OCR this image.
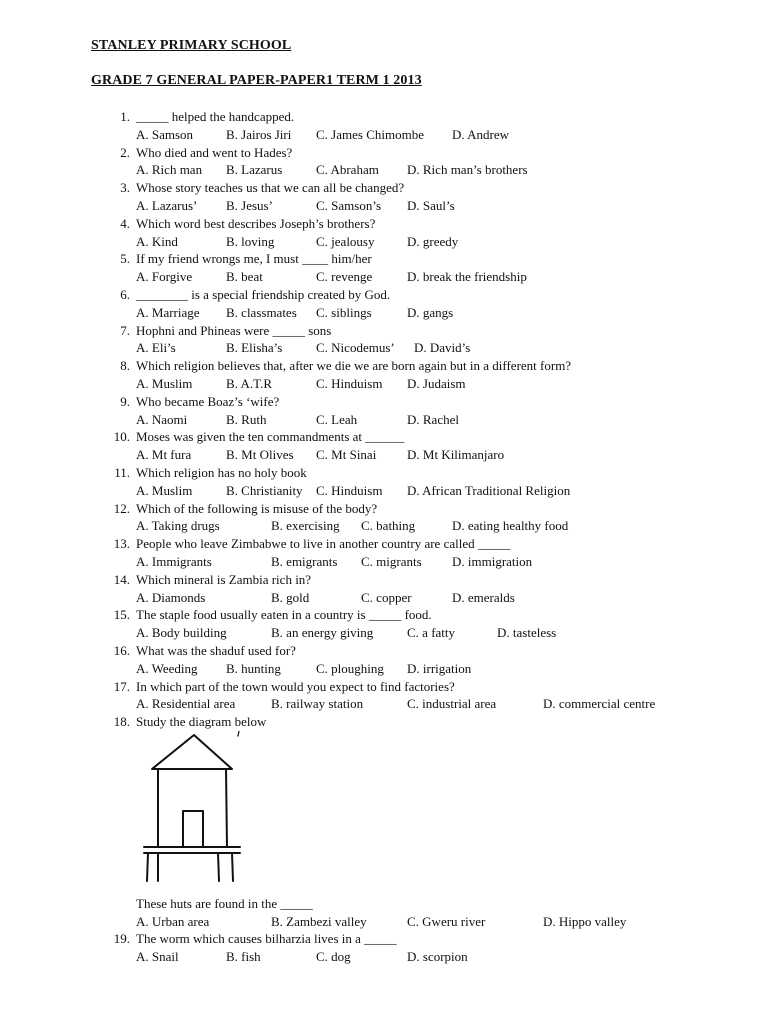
STANLEY PRIMARY SCHOOL
GRADE 7 GENERAL PAPER-PAPER1 TERM 1 2013
1. _____ helped the handcapped.
A. Samson	B. Jairos Jiri C. James Chimombe D. Andrew
2. Who died and went to Hades?
A. Rich man B. Lazarus	C. Abraham D. Rich man’s brothers
3. Whose story teaches us that we can all be changed?
A. Lazarus’ B. Jesus’	C. Samson’s D. Saul’s
4. Which word best describes Joseph’s brothers?
A. Kind	B. loving	C. jealousy	D. greedy
5. If my friend wrongs me, I must ____ him/her
A. Forgive	B. beat	C. revenge	D. break the friendship
6. ________ is a special friendship created by God.
A. Marriage B. classmates C. siblings	D. gangs
7. Hophni and Phineas were _____ sons
A. Eli’s	B. Elisha’s	C. Nicodemus’ D. David’s
8. Which religion believes that, after we die we are born again but in a different form?
A. Muslim	B. A.T.R	C. Hinduism D. Judaism
9. Who became Boaz’s ‘wife?
A. Naomi	B. Ruth	C. Leah	D. Rachel
10. Moses was given the ten commandments at ______
A. Mt fura	B. Mt Olives C. Mt Sinai D. Mt Kilimanjaro
11. Which religion has no holy book
A. Muslim	B. Christianity C. Hinduism D. African Traditional Religion
12. Which of the following is misuse of the body?
A. Taking drugs	B. exercising C. bathing	D. eating healthy food
13. People who leave Zimbabwe to live in another country are called _____
A. Immigrants	B. emigrants C. migrants D. immigration
14. Which mineral is Zambia rich in?
A. Diamonds	B. gold	C. copper	D. emeralds
15. The staple food usually eaten in a country is _____ food.
A. Body building	B. an energy giving	C. a fatty	D. tasteless
16. What was the shaduf used for?
A. Weeding B. hunting	C. ploughing D. irrigation
17. In which part of the town would you expect to find factories?
A. Residential area	B. railway station	C. industrial area	D. commercial centre
18. Study the diagram below
These huts are found in the _____
A. Urban area	B. Zambezi valley	C. Gweru river	D. Hippo valley
19. The worm which causes bilharzia lives in a _____
A. Snail	B. fish	C. dog	D. scorpion
